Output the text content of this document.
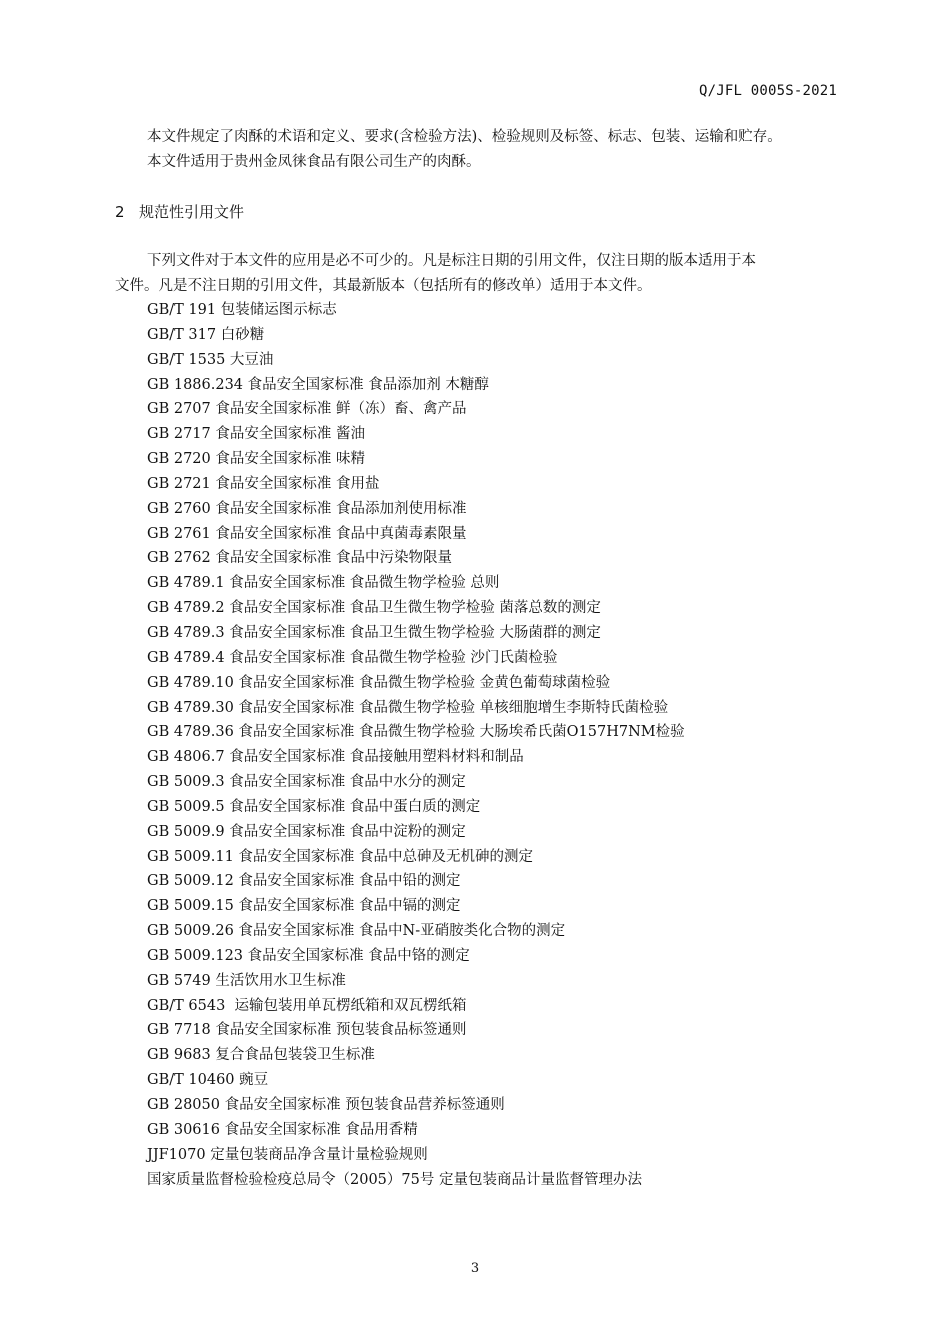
Q/JFL 0005S-2021

本文件规定了肉酥的术语和定义、要求(含检验方法)、检验规则及标签、标志、包装、运输和贮存。

本文件适用于贵州金凤徕食品有限公司生产的肉酥。

2 规范性引用文件

下列文件对于本文件的应用是必不可少的。凡是标注日期的引用文件，仅注日期的版本适用于本

文件。凡是不注日期的引用文件，其最新版本（包括所有的修改单）适用于本文件。

GB/T 191 包装储运图示标志
GB/T 317 白砂糖
GB/T 1535 大豆油
GB 1886.234 食品安全国家标准 食品添加剂 木糖醇
GB 2707 食品安全国家标准 鲜（冻）畜、禽产品
GB 2717 食品安全国家标准 酱油
GB 2720 食品安全国家标准 味精
GB 2721 食品安全国家标准 食用盐
GB 2760 食品安全国家标准 食品添加剂使用标准
GB 2761 食品安全国家标准 食品中真菌毒素限量
GB 2762 食品安全国家标准 食品中污染物限量
GB 4789.1 食品安全国家标准 食品微生物学检验 总则
GB 4789.2 食品安全国家标准 食品卫生微生物学检验 菌落总数的测定
GB 4789.3 食品安全国家标准 食品卫生微生物学检验 大肠菌群的测定
GB 4789.4 食品安全国家标准 食品微生物学检验 沙门氏菌检验
GB 4789.10 食品安全国家标准 食品微生物学检验 金黄色葡萄球菌检验
GB 4789.30 食品安全国家标准 食品微生物学检验 单核细胞增生李斯特氏菌检验
GB 4789.36 食品安全国家标准 食品微生物学检验 大肠埃希氏菌O157H7NM检验
GB 4806.7 食品安全国家标准 食品接触用塑料材料和制品
GB 5009.3 食品安全国家标准 食品中水分的测定
GB 5009.5 食品安全国家标准 食品中蛋白质的测定
GB 5009.9 食品安全国家标准 食品中淀粉的测定
GB 5009.11 食品安全国家标准 食品中总砷及无机砷的测定
GB 5009.12 食品安全国家标准 食品中铅的测定
GB 5009.15 食品安全国家标准 食品中镉的测定
GB 5009.26 食品安全国家标准 食品中N-亚硝胺类化合物的测定
GB 5009.123 食品安全国家标准 食品中铬的测定
GB 5749 生活饮用水卫生标准
GB/T 6543  运输包装用单瓦楞纸箱和双瓦楞纸箱
GB 7718 食品安全国家标准 预包装食品标签通则
GB 9683 复合食品包装袋卫生标准
GB/T 10460 豌豆
GB 28050 食品安全国家标准 预包装食品营养标签通则
GB 30616 食品安全国家标准 食品用香精
JJF1070 定量包装商品净含量计量检验规则
国家质量监督检验检疫总局令（2005）75号 定量包装商品计量监督管理办法
3
